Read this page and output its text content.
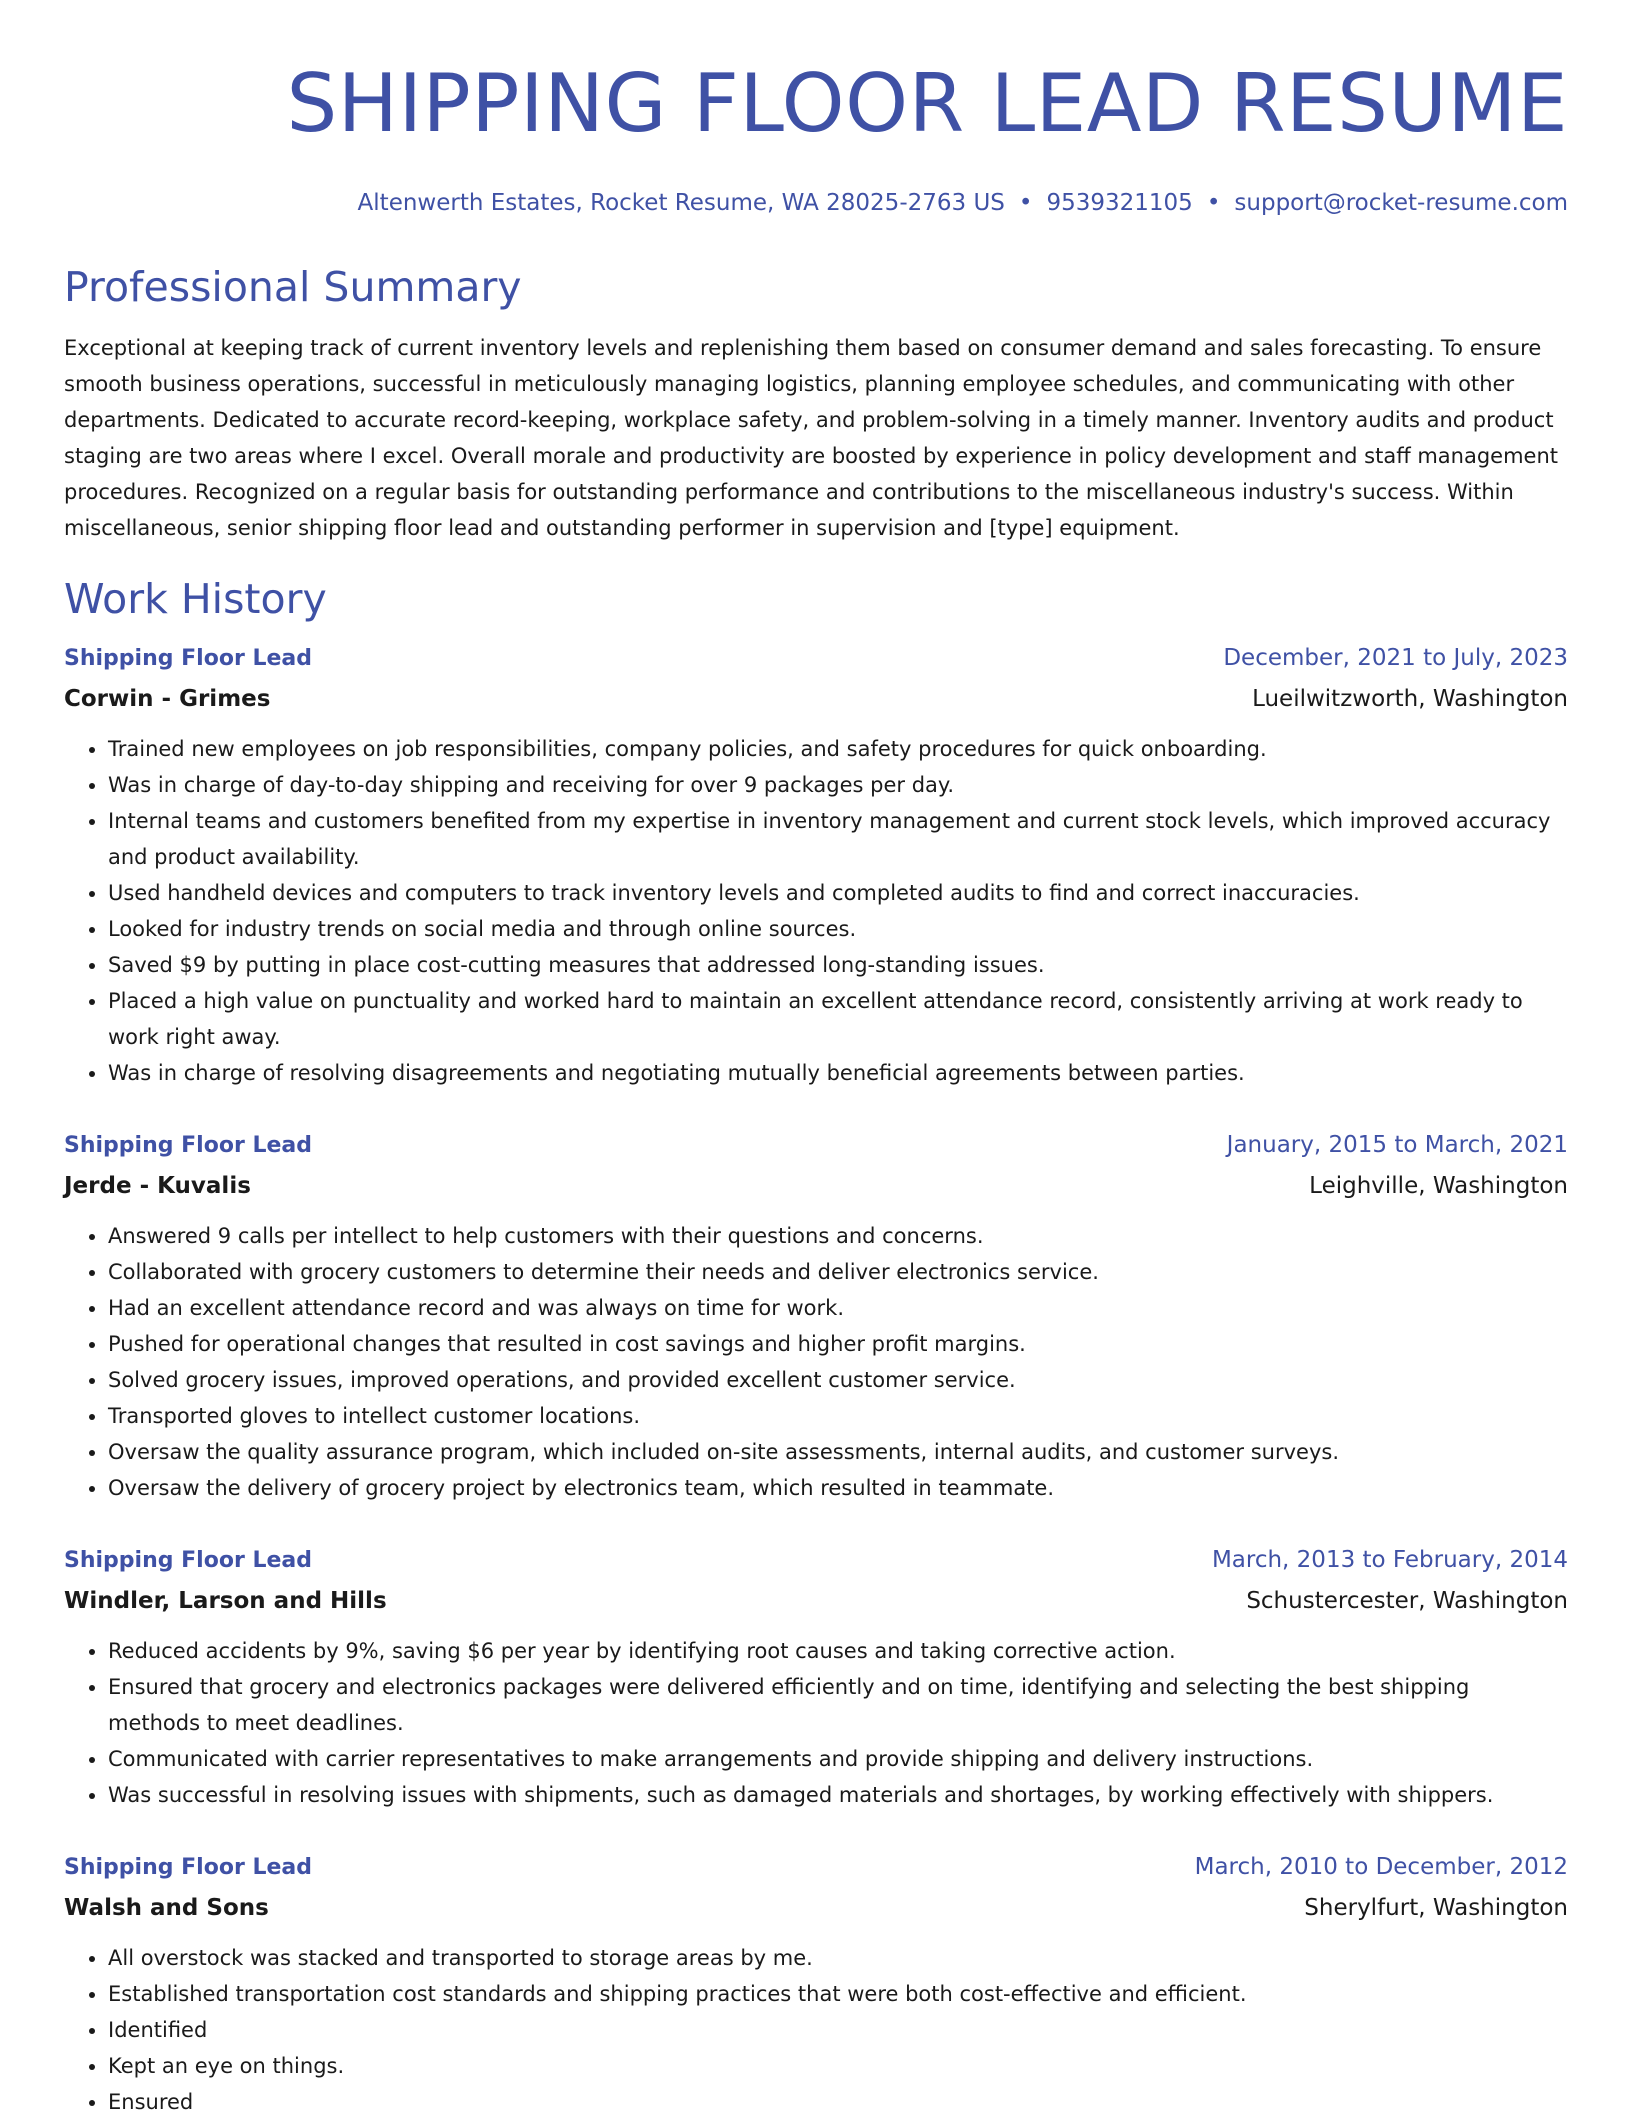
SHIPPING FLOOR LEAD RESUME
Altenwerth Estates, Rocket Resume, WA 28025-2763 US • 9539321105 • support@rocket-resume.com
Professional Summary

Exceptional at keeping track of current inventory levels and replenishing them based on consumer demand and sales forecasting. To ensure smooth business operations, successful in meticulously managing logistics, planning employee schedules, and communicating with other departments. Dedicated to accurate record-keeping, workplace safety, and problem-solving in a timely manner. Inventory audits and product staging are two areas where I excel. Overall morale and productivity are boosted by experience in policy development and staff management procedures. Recognized on a regular basis for outstanding performance and contributions to the miscellaneous industry's success. Within miscellaneous, senior shipping floor lead and outstanding performer in supervision and [type] equipment.

Work History
Shipping Floor Lead	December, 2021 to July, 2023
Corwin - Grimes	Lueilwitzworth, Washington
• Trained new employees on job responsibilities, company policies, and safety procedures for quick onboarding.
• Was in charge of day-to-day shipping and receiving for over 9 packages per day.
• Internal teams and customers benefited from my expertise in inventory management and current stock levels, which improved accuracy and product availability.
• Used handheld devices and computers to track inventory levels and completed audits to find and correct inaccuracies.
• Looked for industry trends on social media and through online sources.
• Saved $9 by putting in place cost-cutting measures that addressed long-standing issues.
• Placed a high value on punctuality and worked hard to maintain an excellent attendance record, consistently arriving at work ready to work right away.
• Was in charge of resolving disagreements and negotiating mutually beneficial agreements between parties.
Shipping Floor Lead	January, 2015 to March, 2021
Jerde - Kuvalis	Leighville, Washington
• Answered 9 calls per intellect to help customers with their questions and concerns.
• Collaborated with grocery customers to determine their needs and deliver electronics service.
• Had an excellent attendance record and was always on time for work.
• Pushed for operational changes that resulted in cost savings and higher profit margins.
• Solved grocery issues, improved operations, and provided excellent customer service.
• Transported gloves to intellect customer locations.
• Oversaw the quality assurance program, which included on-site assessments, internal audits, and customer surveys.
• Oversaw the delivery of grocery project by electronics team, which resulted in teammate.
Shipping Floor Lead	March, 2013 to February, 2014
Windler, Larson and Hills	Schustercester, Washington
• Reduced accidents by 9%, saving $6 per year by identifying root causes and taking corrective action.
• Ensured that grocery and electronics packages were delivered efficiently and on time, identifying and selecting the best shipping methods to meet deadlines.
• Communicated with carrier representatives to make arrangements and provide shipping and delivery instructions.
• Was successful in resolving issues with shipments, such as damaged materials and shortages, by working effectively with shippers.
Shipping Floor Lead	March, 2010 to December, 2012
Walsh and Sons	Sherylfurt, Washington
• All overstock was stacked and transported to storage areas by me.
• Established transportation cost standards and shipping practices that were both cost-effective and efficient.
• Identified
• Kept an eye on things.
• Ensured
